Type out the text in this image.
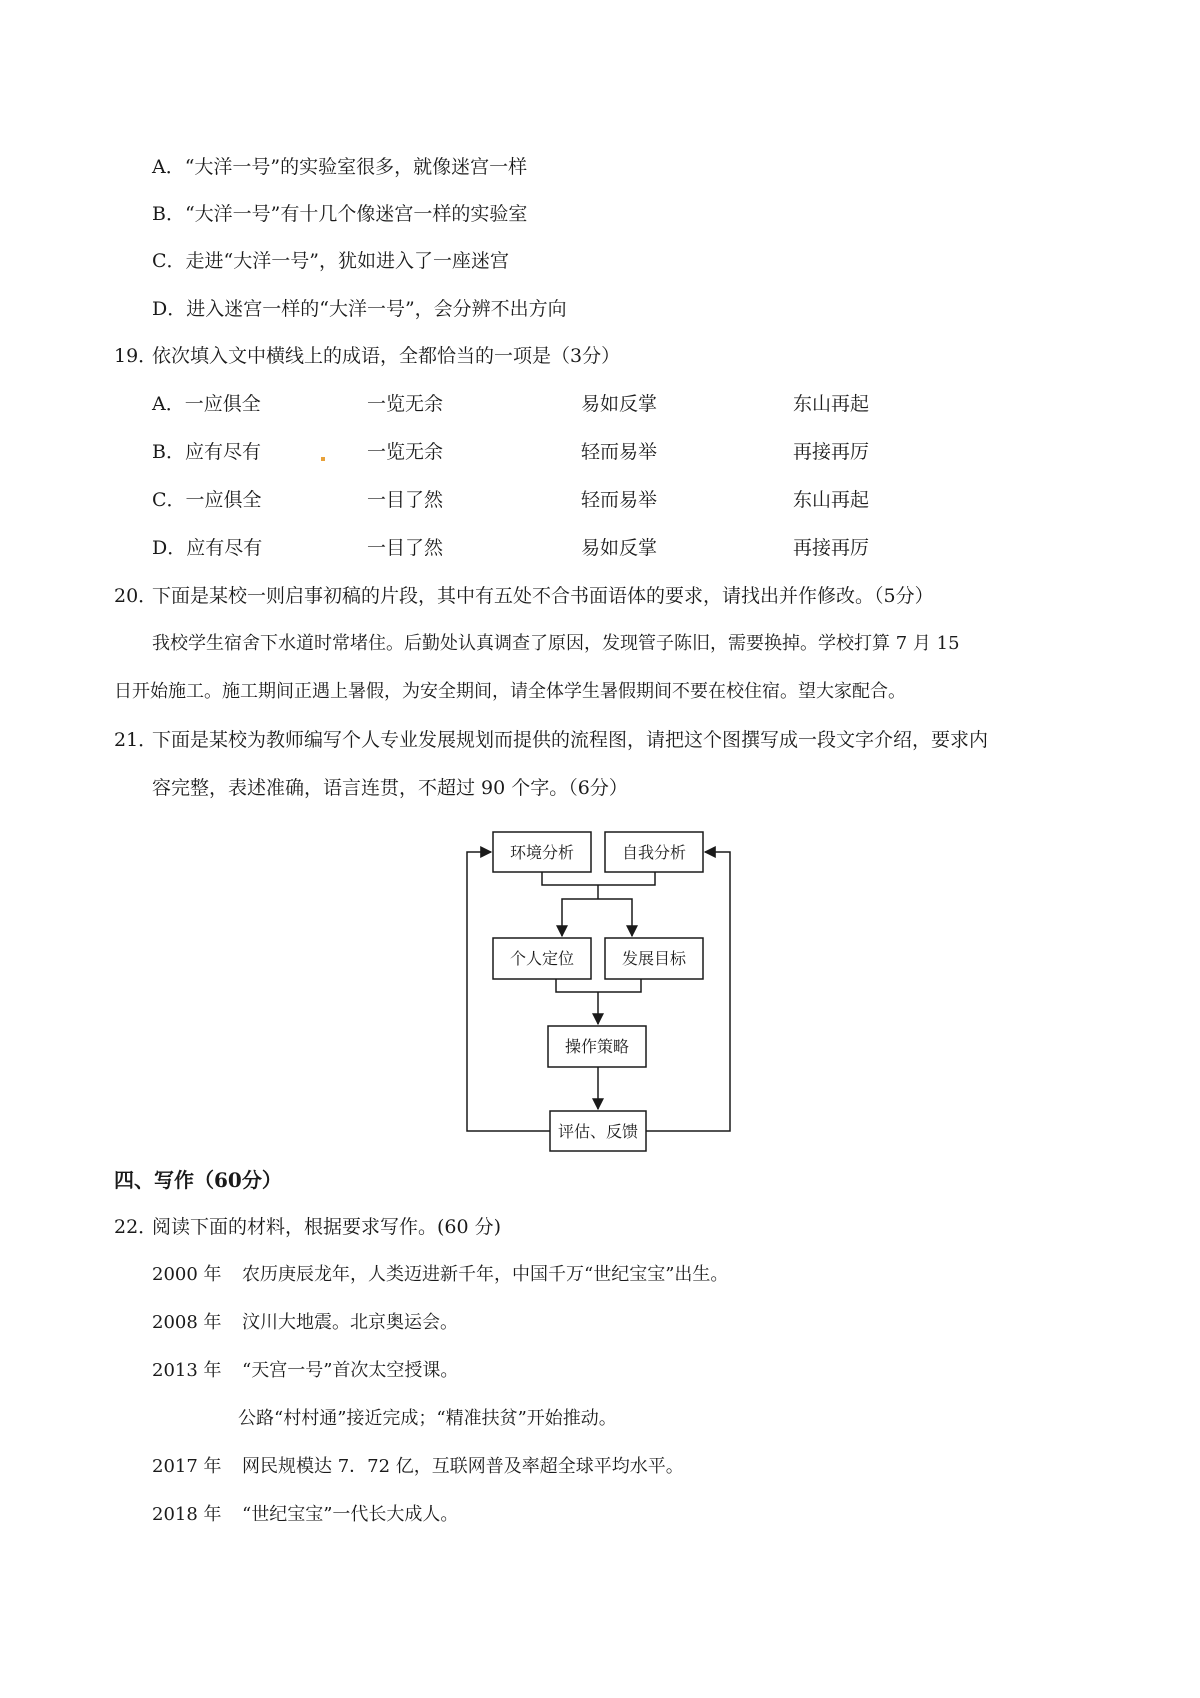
A．“大洋一号”的实验室很多，就像迷宫一样
B．“大洋一号”有十几个像迷宫一样的实验室
C．走进“大洋一号”，犹如进入了一座迷宫
D．进入迷宫一样的“大洋一号”，会分辨不出方向
19．依次填入文中横线上的成语，全都恰当的一项是（3分）
A．一应俱全	一览无余	易如反掌	东山再起
B．应有尽有	一览无余	轻而易举	再接再厉
C．一应俱全	一目了然	轻而易举	东山再起
D．应有尽有	一目了然	易如反掌	再接再厉
20．下面是某校一则启事初稿的片段，其中有五处不合书面语体的要求，请找出并作修改。（5分）
我校学生宿舍下水道时常堵住。后勤处认真调查了原因，发现管子陈旧，需要换掉。学校打算 7 月 15
日开始施工。施工期间正遇上暑假，为安全期间，请全体学生暑假期间不要在校住宿。望大家配合。
21．下面是某校为教师编写个人专业发展规划而提供的流程图，请把这个图撰写成一段文字介绍，要求内
容完整，表述准确，语言连贯，不超过 90 个字。（6分）
环境分析	自我分析
个人定位	发展目标
操作策略
评估、反馈
四、写作（60分）
22．阅读下面的材料，根据要求写作。(60 分)
2000 年 农历庚辰龙年，人类迈进新千年，中国千万“世纪宝宝”出生。
2008 年 汶川大地震。北京奥运会。
2013 年 “天宫一号”首次太空授课。
公路“村村通”接近完成；“精准扶贫”开始推动。
2017 年 网民规模达 7．72 亿，互联网普及率超全球平均水平。
2018 年 “世纪宝宝”一代长大成人。
